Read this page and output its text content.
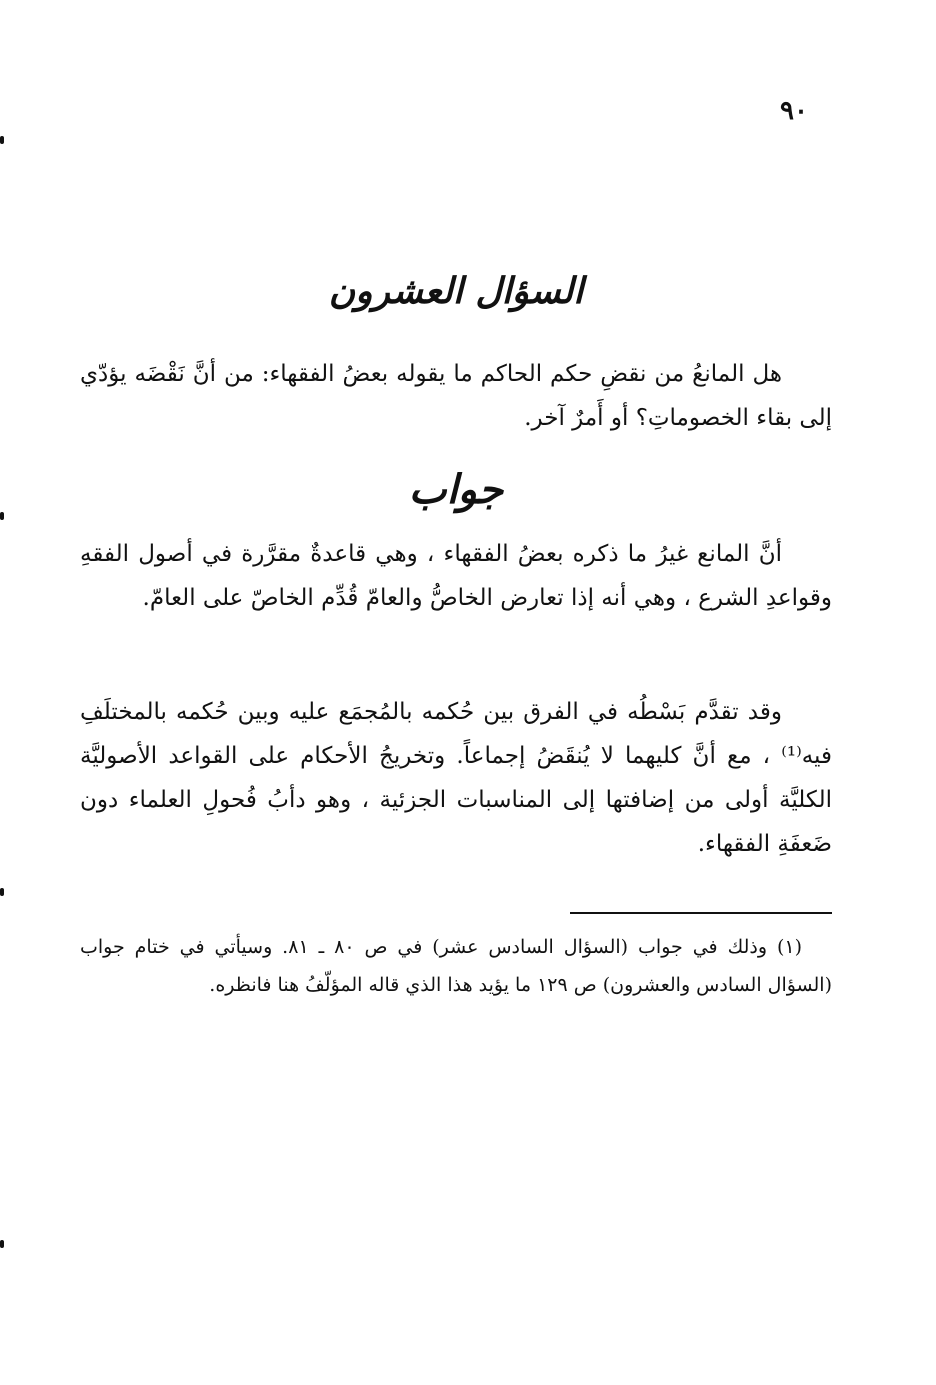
٩٠
السؤال العشرون

هل المانعُ من نقضِ حكم الحاكم ما يقوله بعضُ الفقهاء: من أنَّ نَقْضَه يؤدّي إلى بقاء الخصوماتِ؟ أو أَمرٌ آخر.

جواب

أنَّ المانع غيرُ ما ذكره بعضُ الفقهاء ، وهي قاعدةٌ مقرَّرة في أصول الفقهِ وقواعدِ الشرع ، وهي أنه إذا تعارض الخاصُّ والعامّ قُدِّم الخاصّ على العامّ.

وقد تقدَّم بَسْطُه في الفرق بين حُكمه بالمُجمَع عليه وبين حُكمه بالمختلَفِ فيه⁽¹⁾ ، مع أنَّ كليهما لا يُنقَضُ إجماعاً. وتخريجُ الأحكام على القواعد الأصوليَّة الكليَّة أولى من إضافتها إلى المناسبات الجزئية ، وهو دأبُ فُحولِ العلماء دون ضَعفَةِ الفقهاء.

(١) وذلك في جواب (السؤال السادس عشر) في ص ٨٠ ـ ٨١. وسيأتي في ختام جواب (السؤال السادس والعشرون) ص ١٢٩ ما يؤيد هذا الذي قاله المؤلّفُ هنا فانظره.
